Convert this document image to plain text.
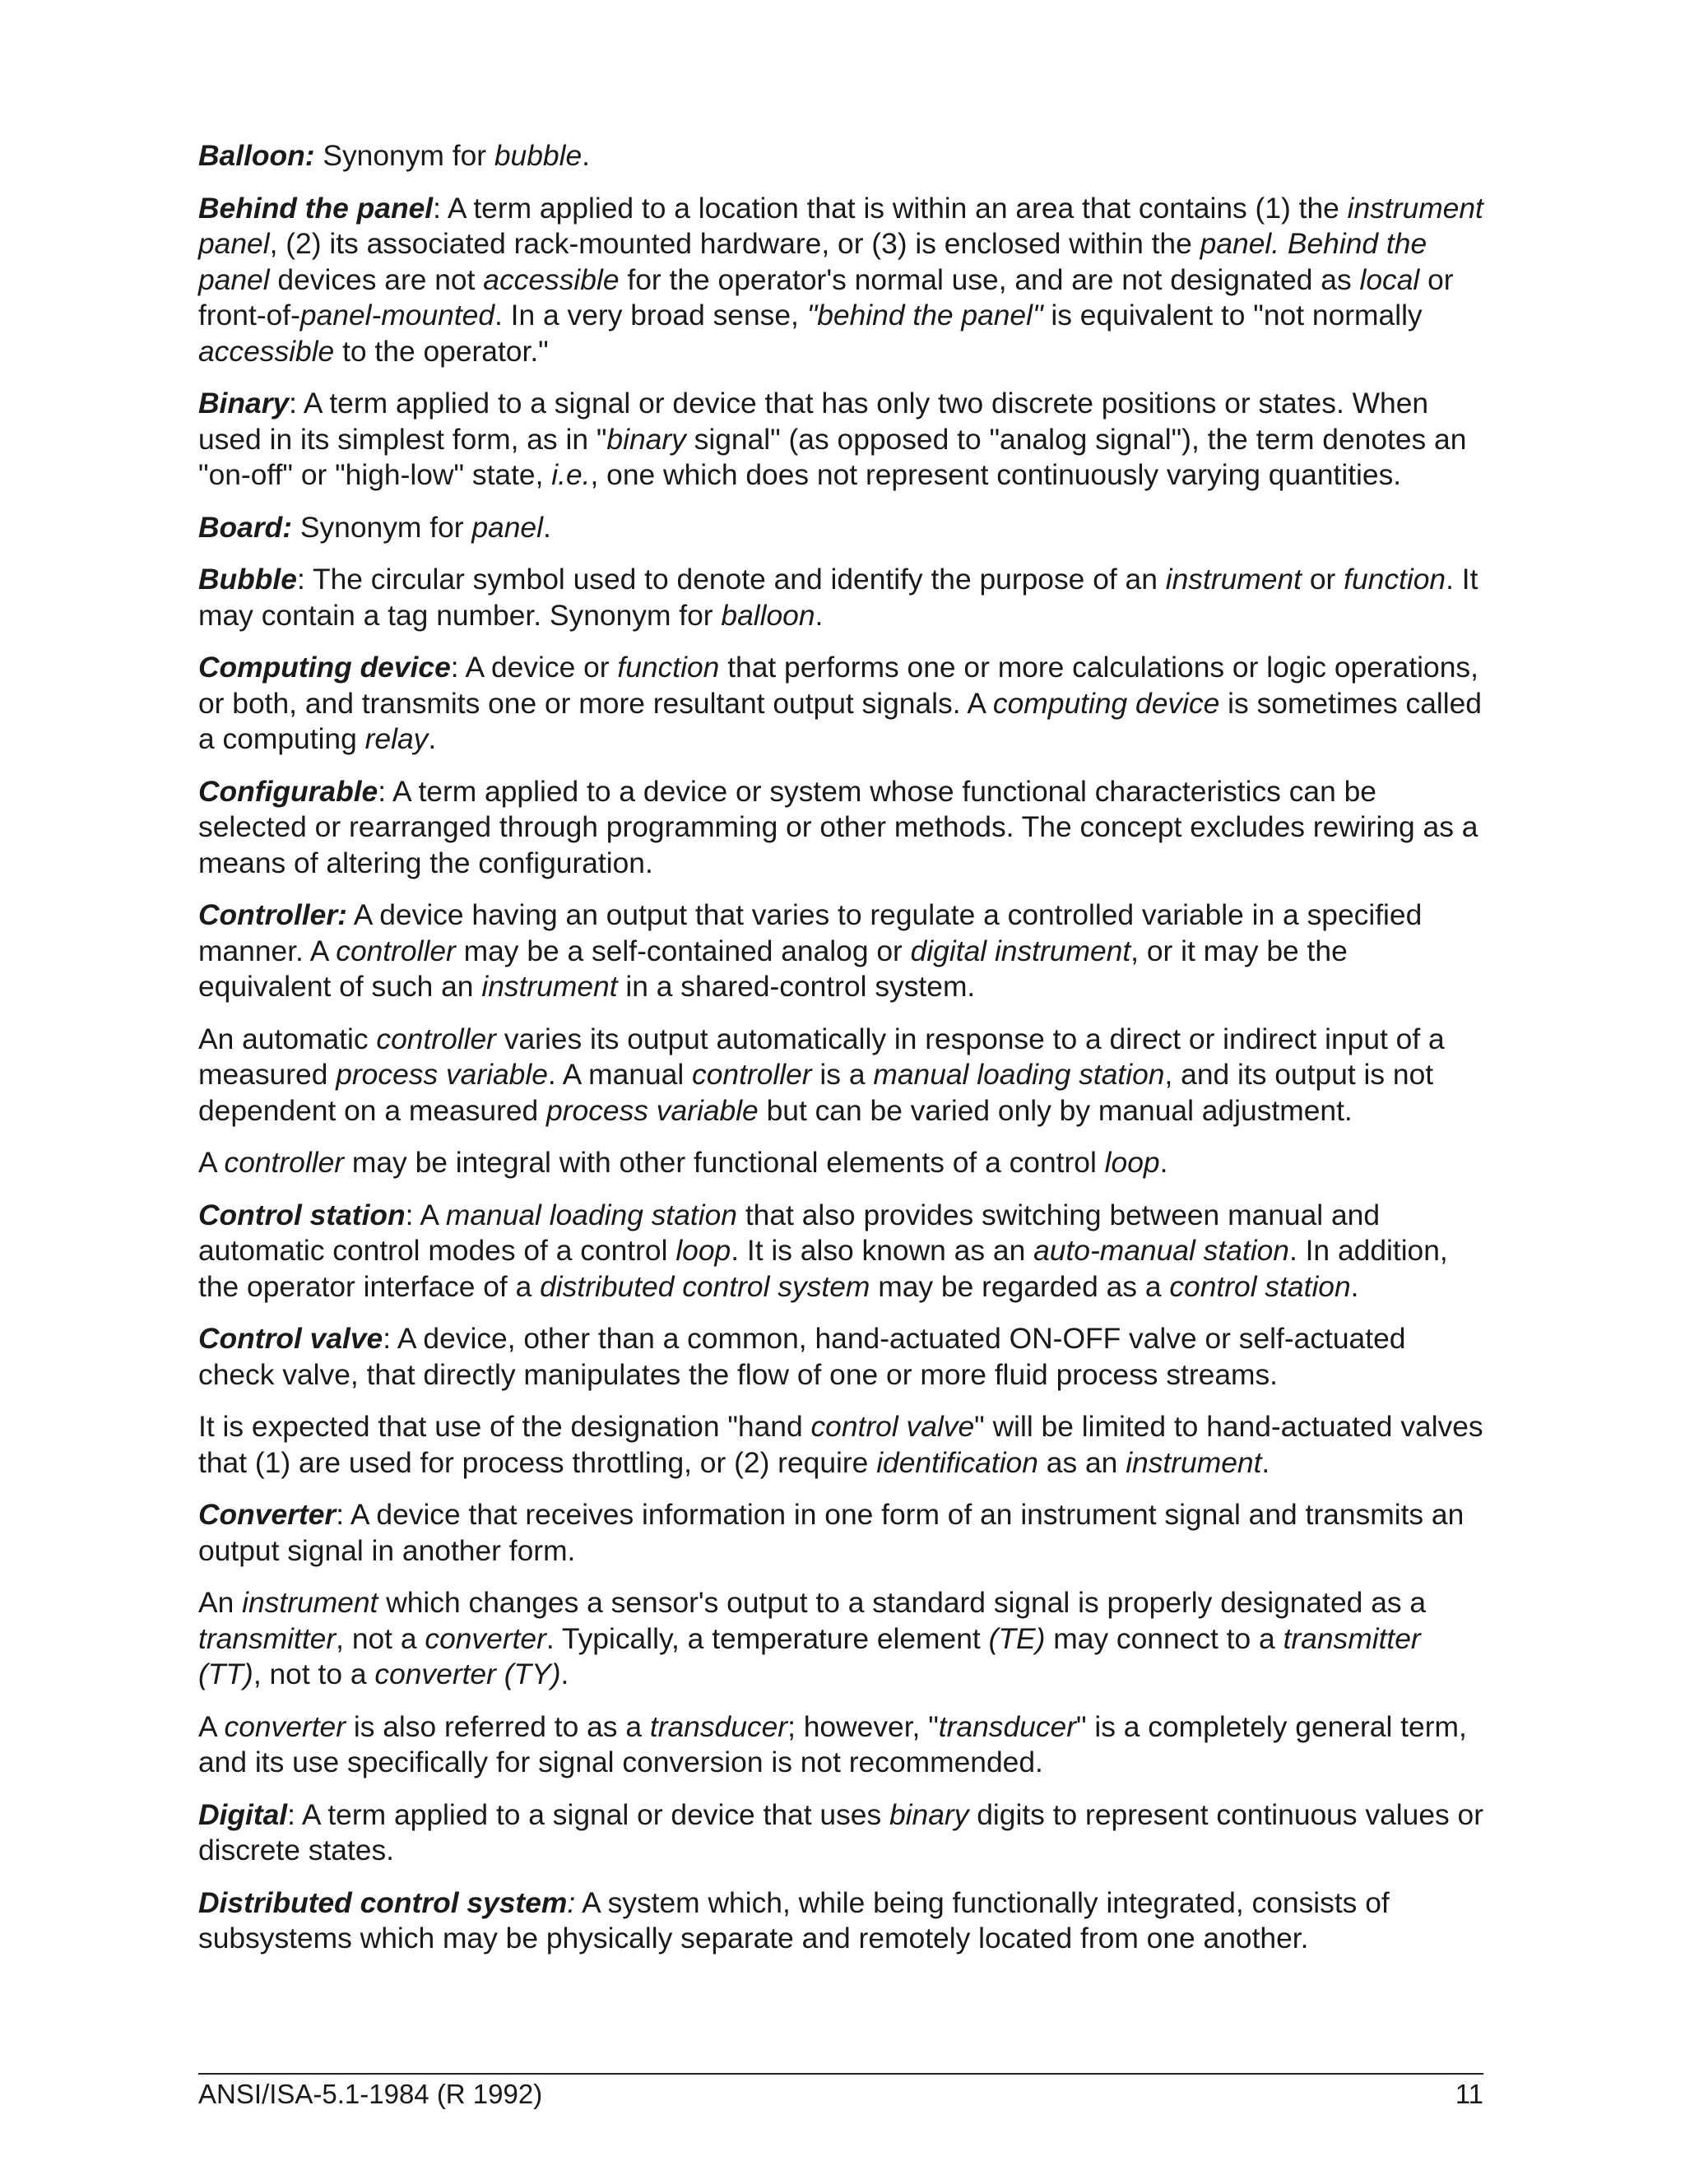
Balloon: Synonym for bubble.

Behind the panel: A term applied to a location that is within an area that contains (1) the instrument panel, (2) its associated rack-mounted hardware, or (3) is enclosed within the panel. Behind the panel devices are not accessible for the operator's normal use, and are not designated as local or front-of-panel-mounted. In a very broad sense, "behind the panel" is equivalent to "not normally accessible to the operator."

Binary: A term applied to a signal or device that has only two discrete positions or states. When used in its simplest form, as in "binary signal" (as opposed to "analog signal"), the term denotes an "on-off" or "high-low" state, i.e., one which does not represent continuously varying quantities.

Board: Synonym for panel.

Bubble: The circular symbol used to denote and identify the purpose of an instrument or function. It may contain a tag number. Synonym for balloon.

Computing device: A device or function that performs one or more calculations or logic operations, or both, and transmits one or more resultant output signals. A computing device is sometimes called a computing relay.

Configurable: A term applied to a device or system whose functional characteristics can be selected or rearranged through programming or other methods. The concept excludes rewiring as a means of altering the configuration.

Controller: A device having an output that varies to regulate a controlled variable in a specified manner. A controller may be a self-contained analog or digital instrument, or it may be the equivalent of such an instrument in a shared-control system.

An automatic controller varies its output automatically in response to a direct or indirect input of a measured process variable. A manual controller is a manual loading station, and its output is not dependent on a measured process variable but can be varied only by manual adjustment.

A controller may be integral with other functional elements of a control loop.

Control station: A manual loading station that also provides switching between manual and automatic control modes of a control loop. It is also known as an auto-manual station. In addition, the operator interface of a distributed control system may be regarded as a control station.

Control valve: A device, other than a common, hand-actuated ON-OFF valve or self-actuated check valve, that directly manipulates the flow of one or more fluid process streams.

It is expected that use of the designation "hand control valve" will be limited to hand-actuated valves that (1) are used for process throttling, or (2) require identification as an instrument.

Converter: A device that receives information in one form of an instrument signal and transmits an output signal in another form.

An instrument which changes a sensor's output to a standard signal is properly designated as a transmitter, not a converter. Typically, a temperature element (TE) may connect to a transmitter (TT), not to a converter (TY).

A converter is also referred to as a transducer; however, "transducer" is a completely general term, and its use specifically for signal conversion is not recommended.

Digital: A term applied to a signal or device that uses binary digits to represent continuous values or discrete states.

Distributed control system: A system which, while being functionally integrated, consists of subsystems which may be physically separate and remotely located from one another.

ANSI/ISA-5.1-1984 (R 1992)	11
